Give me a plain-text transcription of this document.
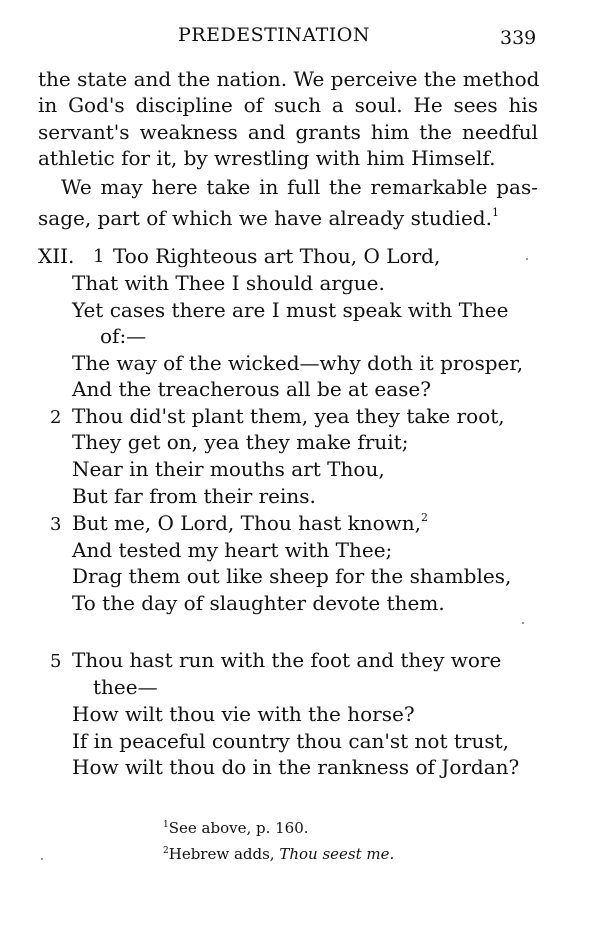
PREDESTINATION	339
the state and the nation. We perceive the method
in God's discipline of such a soul. He sees his
servant's weakness and grants him the needful
athletic for it, by wrestling with him Himself.
We may here take in full the remarkable pas-
sage, part of which we have already studied.$^1$
XII. 1 Too Righteous art Thou, O Lord,
That with Thee I should argue.
Yet cases there are I must speak with Thee
of:—
The way of the wicked—why doth it prosper,
And the treacherous all be at ease?
2 Thou did'st plant them, yea they take root,
They get on, yea they make fruit;
Near in their mouths art Thou,
But far from their reins.
3 But me, O Lord, Thou hast known,$^2$
And tested my heart with Thee;
Drag them out like sheep for the shambles,
To the day of slaughter devote them.
5 Thou hast run with the foot and they wore
thee—
How wilt thou vie with the horse?
If in peaceful country thou can'st not trust,
How wilt thou do in the rankness of Jordan?
$^1$See above, p. 160.
$^2$Hebrew adds, Thou seest me.
